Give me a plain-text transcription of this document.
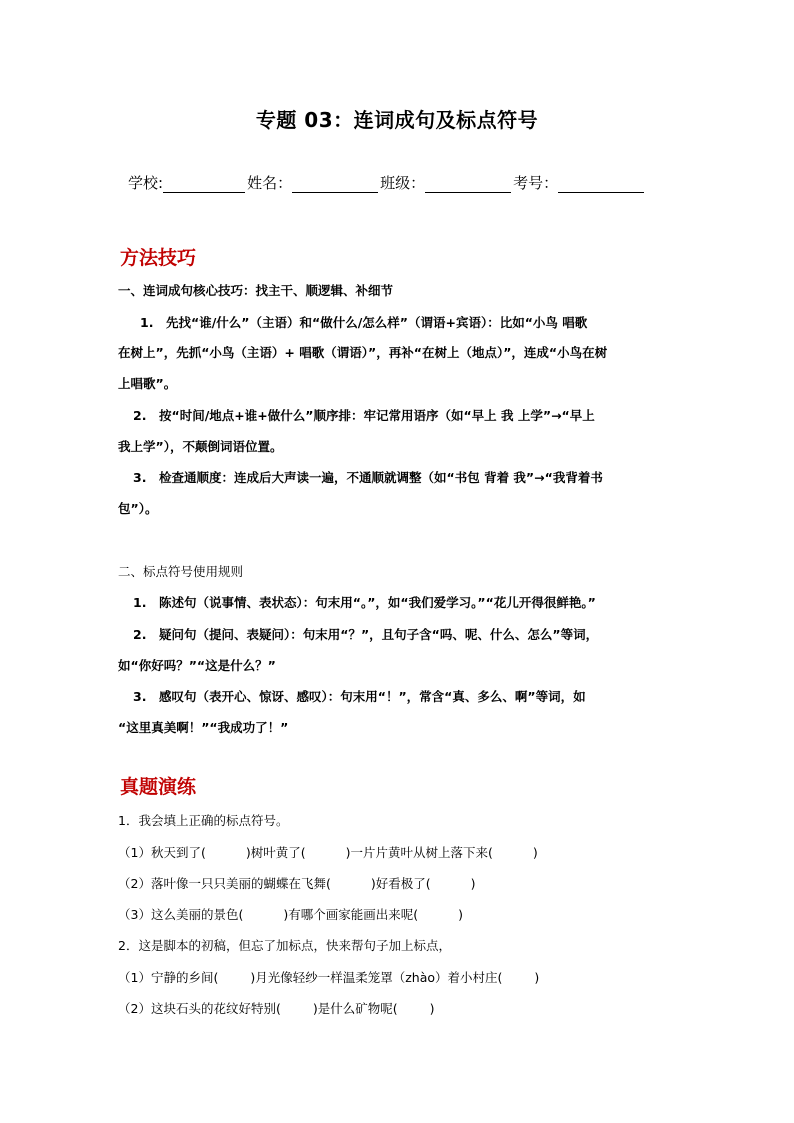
专题 03：连词成句及标点符号
学校:	姓名：	班级：	考号：
方法技巧
一、连词成句核心技巧：找主干、顺逻辑、补细节
1. 先找“谁/什么”（主语）和“做什么/怎么样”（谓语+宾语）：比如“小鸟 唱歌
在树上”，先抓“小鸟（主语）+ 唱歌（谓语）”，再补“在树上（地点）”，连成“小鸟在树
上唱歌”。
2. 按“时间/地点+谁+做什么”顺序排：牢记常用语序（如“早上 我 上学”→“早上
我上学”），不颠倒词语位置。
3. 检查通顺度：连成后大声读一遍，不通顺就调整（如“书包 背着 我”→“我背着书
包”）。
二、标点符号使用规则
1. 陈述句（说事情、表状态）：句末用“。”，如“我们爱学习。”“花儿开得很鲜艳。”
2. 疑问句（提问、表疑问）：句末用“？”，且句子含“吗、呢、什么、怎么”等词，
如“你好吗？”“这是什么？”
3. 感叹句（表开心、惊讶、感叹）：句末用“！”，常含“真、多么、啊”等词，如
“这里真美啊！”“我成功了！”
真题演练
1．我会填上正确的标点符号。
（1）秋天到了(	)树叶黄了(	)一片片黄叶从树上落下来(	)
（2）落叶像一只只美丽的蝴蝶在飞舞(	)好看极了(	)
（3）这么美丽的景色(	)有哪个画家能画出来呢(	)
2．这是脚本的初稿，但忘了加标点，快来帮句子加上标点，
（1）宁静的乡间(	)月光像轻纱一样温柔笼罩（zhào）着小村庄(	)
（2）这块石头的花纹好特别(	)是什么矿物呢(	)
